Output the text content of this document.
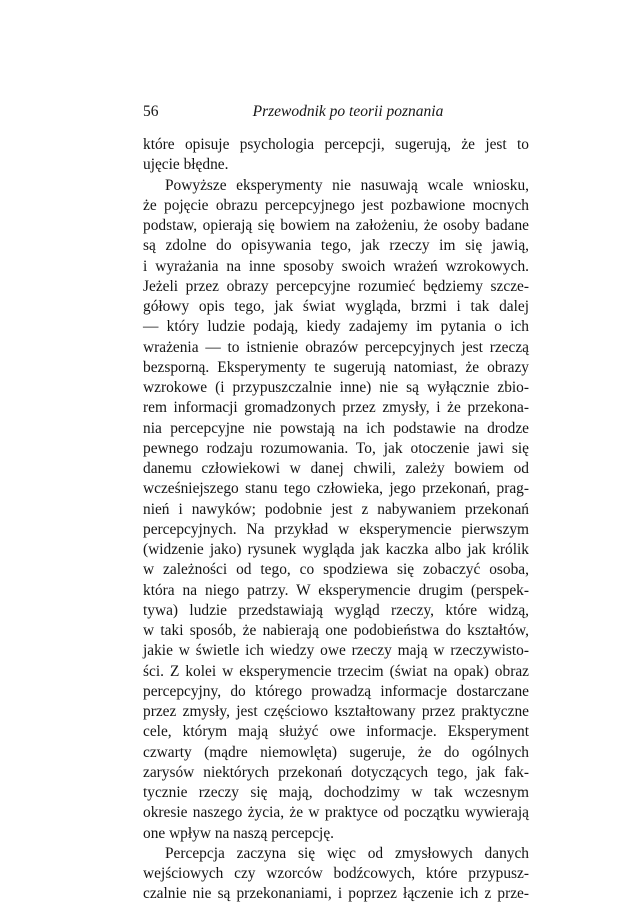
56	Przewodnik po teorii poznania
które opisuje psychologia percepcji, sugerują, że jest to
ujęcie błędne.
Powyższe eksperymenty nie nasuwają wcale wniosku,
że pojęcie obrazu percepcyjnego jest pozbawione mocnych
podstaw, opierają się bowiem na założeniu, że osoby badane
są zdolne do opisywania tego, jak rzeczy im się jawią,
i wyrażania na inne sposoby swoich wrażeń wzrokowych.
Jeżeli przez obrazy percepcyjne rozumieć będziemy szcze-
gółowy opis tego, jak świat wygląda, brzmi i tak dalej
— który ludzie podają, kiedy zadajemy im pytania o ich
wrażenia — to istnienie obrazów percepcyjnych jest rzeczą
bezsporną. Eksperymenty te sugerują natomiast, że obrazy
wzrokowe (i przypuszczalnie inne) nie są wyłącznie zbio-
rem informacji gromadzonych przez zmysły, i że przekona-
nia percepcyjne nie powstają na ich podstawie na drodze
pewnego rodzaju rozumowania. To, jak otoczenie jawi się
danemu człowiekowi w danej chwili, zależy bowiem od
wcześniejszego stanu tego człowieka, jego przekonań, prag-
nień i nawyków; podobnie jest z nabywaniem przekonań
percepcyjnych. Na przykład w eksperymencie pierwszym
(widzenie jako) rysunek wygląda jak kaczka albo jak królik
w zależności od tego, co spodziewa się zobaczyć osoba,
która na niego patrzy. W eksperymencie drugim (perspek-
tywa) ludzie przedstawiają wygląd rzeczy, które widzą,
w taki sposób, że nabierają one podobieństwa do kształtów,
jakie w świetle ich wiedzy owe rzeczy mają w rzeczywisto-
ści. Z kolei w eksperymencie trzecim (świat na opak) obraz
percepcyjny, do którego prowadzą informacje dostarczane
przez zmysły, jest częściowo kształtowany przez praktyczne
cele, którym mają służyć owe informacje. Eksperyment
czwarty (mądre niemowlęta) sugeruje, że do ogólnych
zarysów niektórych przekonań dotyczących tego, jak fak-
tycznie rzeczy się mają, dochodzimy w tak wczesnym
okresie naszego życia, że w praktyce od początku wywierają
one wpływ na naszą percepcję.
Percepcja zaczyna się więc od zmysłowych danych
wejściowych czy wzorców bodźcowych, które przypusz-
czalnie nie są przekonaniami, i poprzez łączenie ich z prze-
